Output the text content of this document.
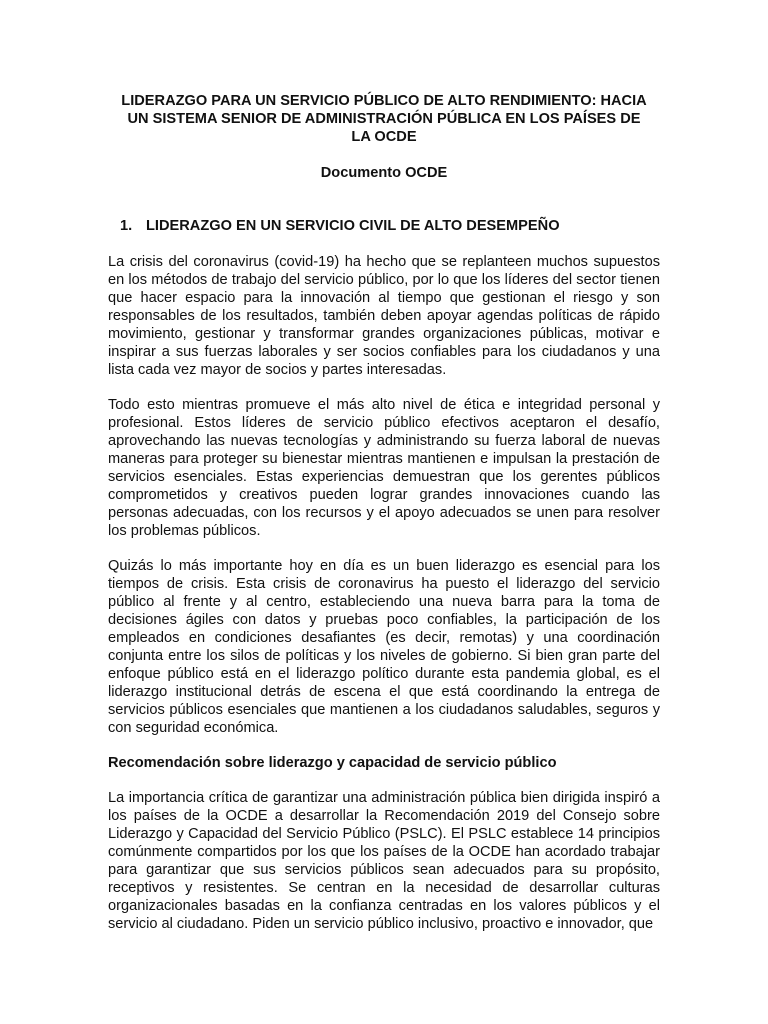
LIDERAZGO PARA UN SERVICIO PÚBLICO DE ALTO RENDIMIENTO: HACIA UN SISTEMA SENIOR DE ADMINISTRACIÓN PÚBLICA EN LOS PAÍSES DE LA OCDE
Documento OCDE
1. LIDERAZGO EN UN SERVICIO CIVIL DE ALTO DESEMPEÑO

La crisis del coronavirus (covid-19) ha hecho que se replanteen muchos supuestos en los métodos de trabajo del servicio público, por lo que los líderes del sector tienen que hacer espacio para la innovación al tiempo que gestionan el riesgo y son responsables de los resultados, también deben apoyar agendas políticas de rápido movimiento, gestionar y transformar grandes organizaciones públicas, motivar e inspirar a sus fuerzas laborales y ser socios confiables para los ciudadanos y una lista cada vez mayor de socios y partes interesadas.

Todo esto mientras promueve el más alto nivel de ética e integridad personal y profesional. Estos líderes de servicio público efectivos aceptaron el desafío, aprovechando las nuevas tecnologías y administrando su fuerza laboral de nuevas maneras para proteger su bienestar mientras mantienen e impulsan la prestación de servicios esenciales. Estas experiencias demuestran que los gerentes públicos comprometidos y creativos pueden lograr grandes innovaciones cuando las personas adecuadas, con los recursos y el apoyo adecuados se unen para resolver los problemas públicos.

Quizás lo más importante hoy en día es un buen liderazgo es esencial para los tiempos de crisis. Esta crisis de coronavirus ha puesto el liderazgo del servicio público al frente y al centro, estableciendo una nueva barra para la toma de decisiones ágiles con datos y pruebas poco confiables, la participación de los empleados en condiciones desafiantes (es decir, remotas) y una coordinación conjunta entre los silos de políticas y los niveles de gobierno. Si bien gran parte del enfoque público está en el liderazgo político durante esta pandemia global, es el liderazgo institucional detrás de escena el que está coordinando la entrega de servicios públicos esenciales que mantienen a los ciudadanos saludables, seguros y con seguridad económica.

Recomendación sobre liderazgo y capacidad de servicio público

La importancia crítica de garantizar una administración pública bien dirigida inspiró a los países de la OCDE a desarrollar la Recomendación 2019 del Consejo sobre Liderazgo y Capacidad del Servicio Público (PSLC). El PSLC establece 14 principios comúnmente compartidos por los que los países de la OCDE han acordado trabajar para garantizar que sus servicios públicos sean adecuados para su propósito, receptivos y resistentes. Se centran en la necesidad de desarrollar culturas organizacionales basadas en la confianza centradas en los valores públicos y el servicio al ciudadano. Piden un servicio público inclusivo, proactivo e innovador, que
